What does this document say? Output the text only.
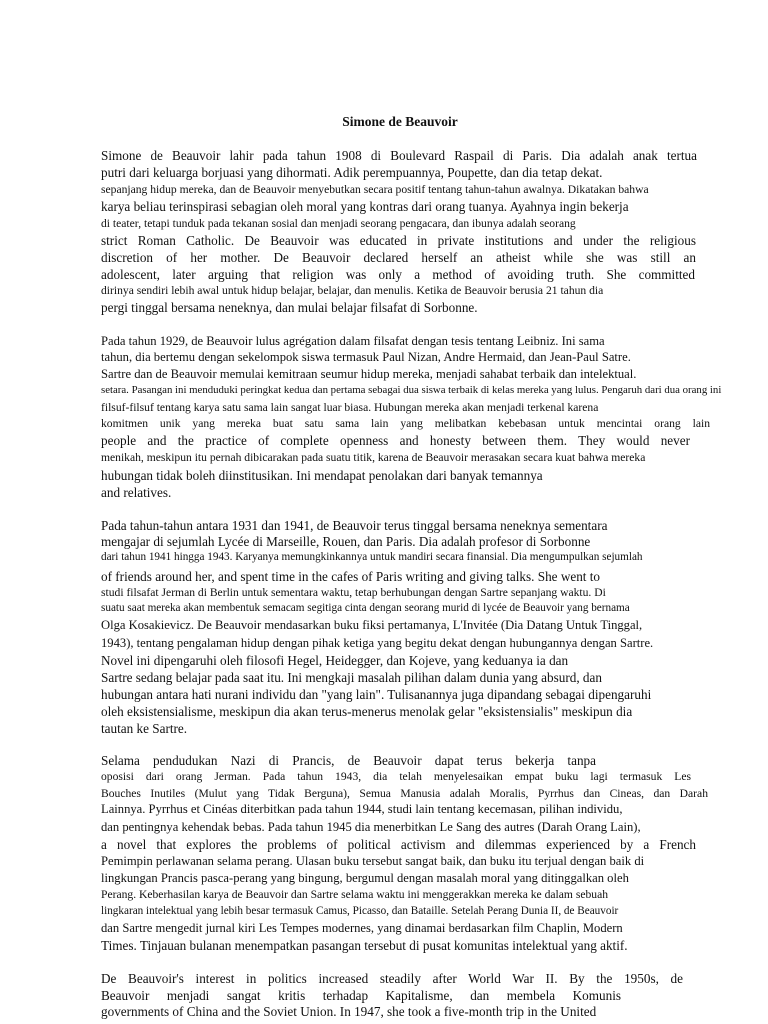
Simone de Beauvoir
Simone de Beauvoir lahir pada tahun 1908 di Boulevard Raspail di Paris. Dia adalah anak tertua
putri dari keluarga borjuasi yang dihormati. Adik perempuannya, Poupette, dan dia tetap dekat.
sepanjang hidup mereka, dan de Beauvoir menyebutkan secara positif tentang tahun-tahun awalnya. Dikatakan bahwa
karya beliau terinspirasi sebagian oleh moral yang kontras dari orang tuanya. Ayahnya ingin bekerja
di teater, tetapi tunduk pada tekanan sosial dan menjadi seorang pengacara, dan ibunya adalah seorang
strict Roman Catholic. De Beauvoir was educated in private institutions and under the religious
discretion of her mother. De Beauvoir declared herself an atheist while she was still an
adolescent, later arguing that religion was only a method of avoiding truth. She committed
dirinya sendiri lebih awal untuk hidup belajar, belajar, dan menulis. Ketika de Beauvoir berusia 21 tahun dia
pergi tinggal bersama neneknya, dan mulai belajar filsafat di Sorbonne.
Pada tahun 1929, de Beauvoir lulus agrégation dalam filsafat dengan tesis tentang Leibniz. Ini sama
tahun, dia bertemu dengan sekelompok siswa termasuk Paul Nizan, Andre Hermaid, dan Jean-Paul Satre.
Sartre dan de Beauvoir memulai kemitraan seumur hidup mereka, menjadi sahabat terbaik dan intelektual.
setara. Pasangan ini menduduki peringkat kedua dan pertama sebagai dua siswa terbaik di kelas mereka yang lulus. Pengaruh dari dua orang ini
filsuf-filsuf tentang karya satu sama lain sangat luar biasa. Hubungan mereka akan menjadi terkenal karena
komitmen unik yang mereka buat satu sama lain yang melibatkan kebebasan untuk mencintai orang lain
people and the practice of complete openness and honesty between them. They would never
menikah, meskipun itu pernah dibicarakan pada suatu titik, karena de Beauvoir merasakan secara kuat bahwa mereka
hubungan tidak boleh diinstitusikan. Ini mendapat penolakan dari banyak temannya
and relatives.
Pada tahun-tahun antara 1931 dan 1941, de Beauvoir terus tinggal bersama neneknya sementara
mengajar di sejumlah Lycée di Marseille, Rouen, dan Paris. Dia adalah profesor di Sorbonne
dari tahun 1941 hingga 1943. Karyanya memungkinkannya untuk mandiri secara finansial. Dia mengumpulkan sejumlah
of friends around her, and spent time in the cafes of Paris writing and giving talks. She went to
studi filsafat Jerman di Berlin untuk sementara waktu, tetap berhubungan dengan Sartre sepanjang waktu. Di
suatu saat mereka akan membentuk semacam segitiga cinta dengan seorang murid di lycée de Beauvoir yang bernama
Olga Kosakievicz. De Beauvoir mendasarkan buku fiksi pertamanya, L'Invitée (Dia Datang Untuk Tinggal,
1943), tentang pengalaman hidup dengan pihak ketiga yang begitu dekat dengan hubungannya dengan Sartre.
Novel ini dipengaruhi oleh filosofi Hegel, Heidegger, dan Kojeve, yang keduanya ia dan
Sartre sedang belajar pada saat itu. Ini mengkaji masalah pilihan dalam dunia yang absurd, dan
hubungan antara hati nurani individu dan "yang lain". Tulisanannya juga dipandang sebagai dipengaruhi
oleh eksistensialisme, meskipun dia akan terus-menerus menolak gelar "eksistensialis" meskipun dia
tautan ke Sartre.
Selama pendudukan Nazi di Prancis, de Beauvoir dapat terus bekerja tanpa
oposisi dari orang Jerman. Pada tahun 1943, dia telah menyelesaikan empat buku lagi termasuk Les
Bouches Inutiles (Mulut yang Tidak Berguna), Semua Manusia adalah Moralis, Pyrrhus dan Cineas, dan Darah
Lainnya. Pyrrhus et Cinéas diterbitkan pada tahun 1944, studi lain tentang kecemasan, pilihan individu,
dan pentingnya kehendak bebas. Pada tahun 1945 dia menerbitkan Le Sang des autres (Darah Orang Lain),
a novel that explores the problems of political activism and dilemmas experienced by a French
Pemimpin perlawanan selama perang. Ulasan buku tersebut sangat baik, dan buku itu terjual dengan baik di
lingkungan Prancis pasca-perang yang bingung, bergumul dengan masalah moral yang ditinggalkan oleh
Perang. Keberhasilan karya de Beauvoir dan Sartre selama waktu ini menggerakkan mereka ke dalam sebuah
lingkaran intelektual yang lebih besar termasuk Camus, Picasso, dan Bataille. Setelah Perang Dunia II, de Beauvoir
dan Sartre mengedit jurnal kiri Les Tempes modernes, yang dinamai berdasarkan film Chaplin, Modern
Times. Tinjauan bulanan menempatkan pasangan tersebut di pusat komunitas intelektual yang aktif.
De Beauvoir's interest in politics increased steadily after World War II. By the 1950s, de
Beauvoir menjadi sangat kritis terhadap Kapitalisme, dan membela Komunis
governments of China and the Soviet Union. In 1947, she took a five-month trip in the United
